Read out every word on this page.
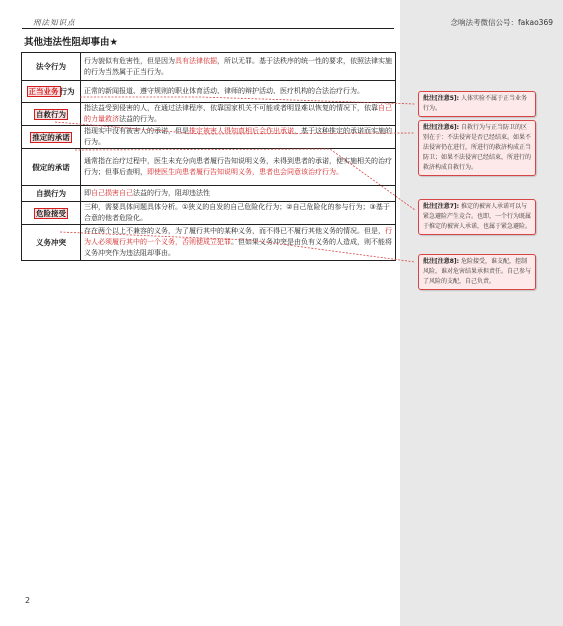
刑法知识点	念响法考微信公号：fakao369
其他违法性阻却事由★
法令行为	行为貌似有危害性，但是因为具有法律依据，所以无罪。基于法秩序的统一性的要求，依照法律实施的行为当然属于正当行为。
正当业务行为	正常的新闻报道、遵守规则的职业体育活动、律师的辩护活动、医疗机构的合法治疗行为。
自救行为	指法益受到侵害的人，在通过法律程序、依靠国家机关不可能或者明显难以恢复的情况下，依靠自己的力量救济法益的行为。
推定的承诺	指现实中没有被害人的承诺，但是推定被害人得知真相后会作出承诺，基于这种推定的承诺而实施的行为。
假定的承诺	通常指在治疗过程中，医生未充分向患者履行告知说明义务，未得到患者的承诺，便实施相关的治疗行为；但事后查明，即使医生向患者履行告知说明义务，患者也会同意该治疗行为。
自损行为	即自己损害自己法益的行为，阻却违法性
危险接受	三种，需要具体问题具体分析。①狭义的自发的自己危险化行为；②自己危险化的参与行为；③基于合意的他者危险化。
义务冲突	存在两个以上不兼容的义务，为了履行其中的某种义务，而不得已不履行其他义务的情况。但是，行为人必须履行其中的一个义务，否则便成立犯罪。但如果义务冲突是由负有义务的人造成，则不能将义务冲突作为违法阻却事由。
批注[注意5]: 人体实验不属于正当业务行为。
批注[注意6]: 自救行为与正当防卫的区别在于：不法侵害是否已经结束。如果不法侵害仍在进行，所进行的救济构成正当防卫；如果不法侵害已经结束，所进行的救济构成自救行为。
批注[注意7]: 推定的被害人承诺可以与紧急避险产生竞合。也即，一个行为既属于推定的被害人承诺，也属于紧急避险。
批注[注意8]: 危险接受，谁支配，控制风险，谁对危害结果承担责任。自己参与了风险的支配，自己负责。
2
